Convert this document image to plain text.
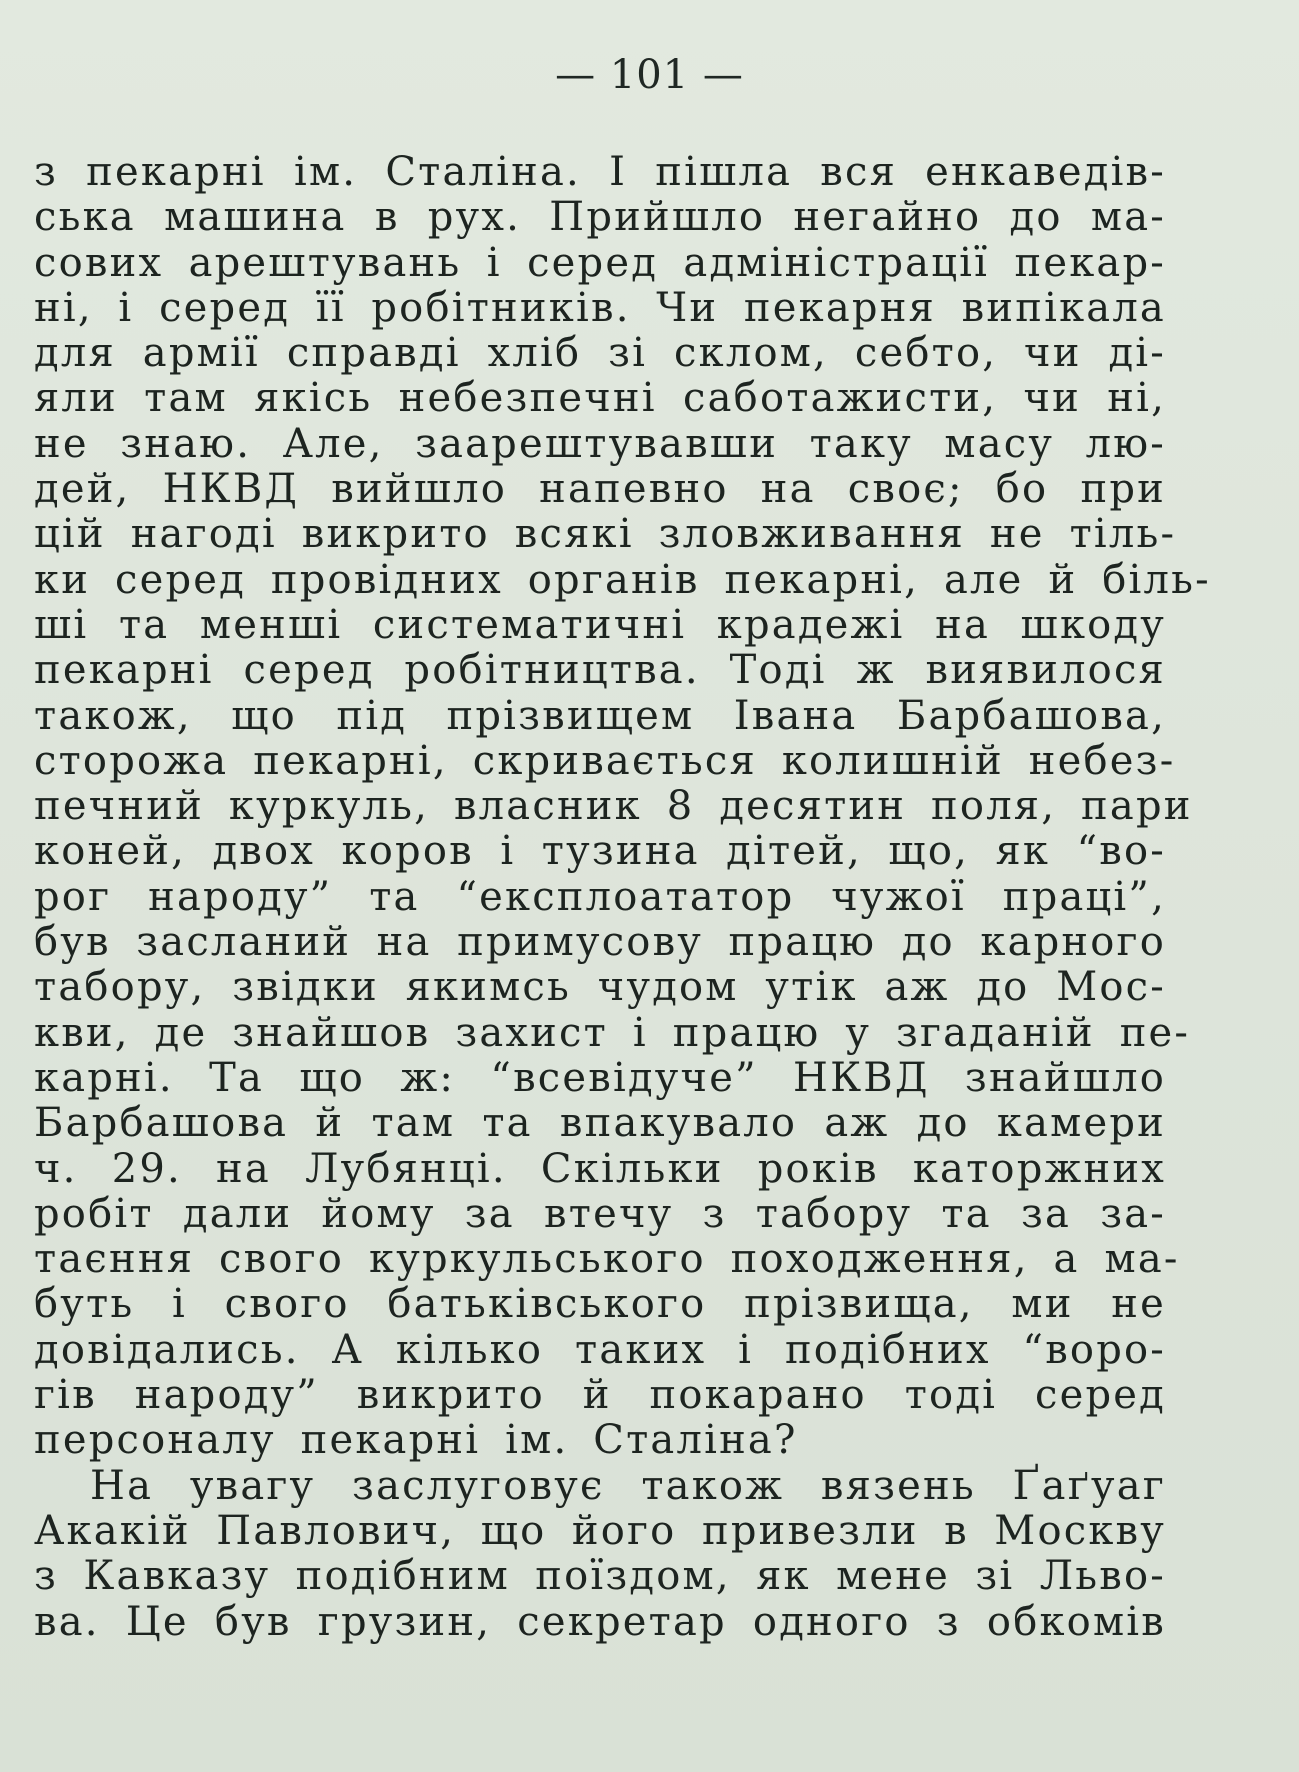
— 101 —
з пекарні ім. Сталіна. І пішла вся енкаведів-
ська машина в рух. Прийшло негайно до ма-
сових арештувань і серед адміністрації пекар-
ні, і серед її робітників. Чи пекарня випікала
для армії справді хліб зі склом, себто, чи ді-
яли там якісь небезпечні саботажисти, чи ні,
не знаю. Але, заарештувавши таку масу лю-
дей, НКВД вийшло напевно на своє; бо при
цій нагоді викрито всякі зловживання не тіль-
ки серед провідних органів пекарні, але й біль-
ші та менші систематичні крадежі на шкоду
пекарні серед робітництва. Тоді ж виявилося
також, що під прізвищем Івана Барбашова,
сторожа пекарні, скривається колишній небез-
печний куркуль, власник 8 десятин поля, пари
коней, двох коров і тузина дітей, що, як “во-
рог народу” та “експлоататор чужої праці”,
був засланий на примусову працю до карного
табору, звідки якимсь чудом утік аж до Мос-
кви, де знайшов захист і працю у згаданій пе-
карні. Та що ж: “всевідуче” НКВД знайшло
Барбашова й там та впакувало аж до камери
ч. 29. на Лубянці. Скільки років каторжних
робіт дали йому за втечу з табору та за за-
таєння свого куркульського походження, а ма-
буть і свого батьківського прізвища, ми не
довідались. А кілько таких і подібних “воро-
гів народу” викрито й покарано тоді серед
персоналу пекарні ім. Сталіна?
На увагу заслуговує також вязень Ґаґуаг
Акакій Павлович, що його привезли в Москву
з Кавказу подібним поїздом, як мене зі Льво-
ва. Це був грузин, секретар одного з обкомів
